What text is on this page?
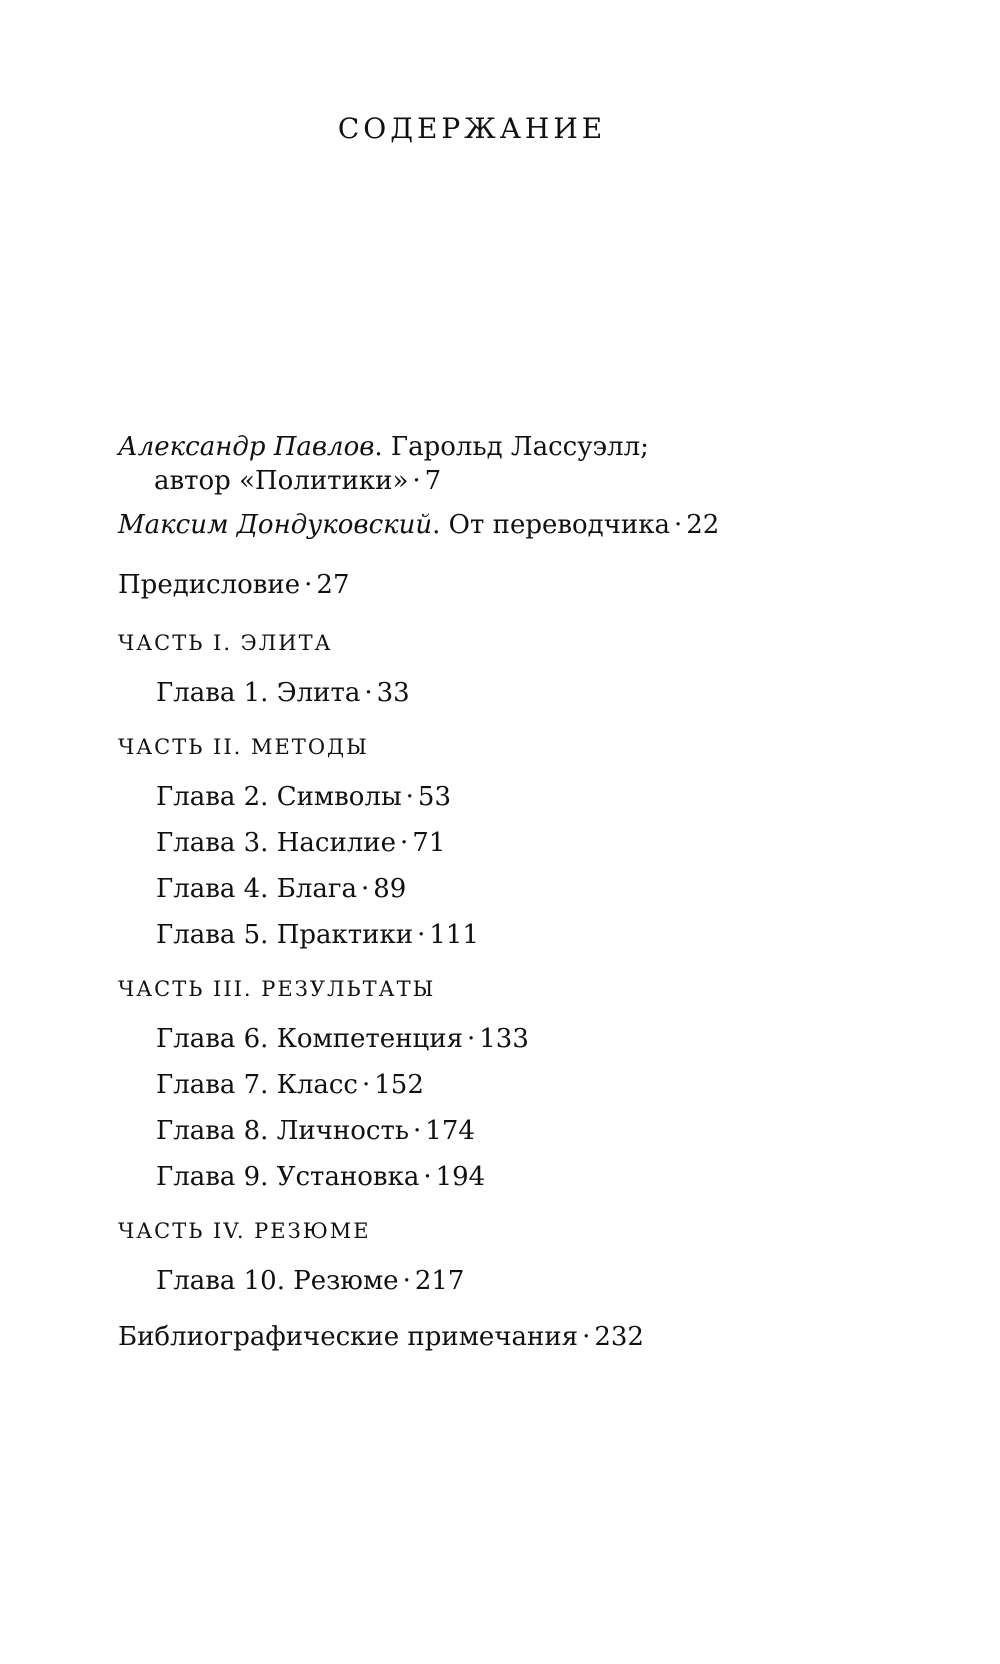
СОДЕРЖАНИЕ
Александр Павлов. Гарольд Лассуэлл;
автор «Политики» · 7
Максим Дондуковский. От переводчика · 22
Предисловие · 27
ЧАСТЬ I. ЭЛИТА
Глава 1. Элита · 33
ЧАСТЬ II. МЕТОДЫ
Глава 2. Символы · 53
Глава 3. Насилие · 71
Глава 4. Блага · 89
Глава 5. Практики · 111
ЧАСТЬ III. РЕЗУЛЬТАТЫ
Глава 6. Компетенция · 133
Глава 7. Класс · 152
Глава 8. Личность · 174
Глава 9. Установка · 194
ЧАСТЬ IV. РЕЗЮМЕ
Глава 10. Резюме · 217
Библиографические примечания · 232
